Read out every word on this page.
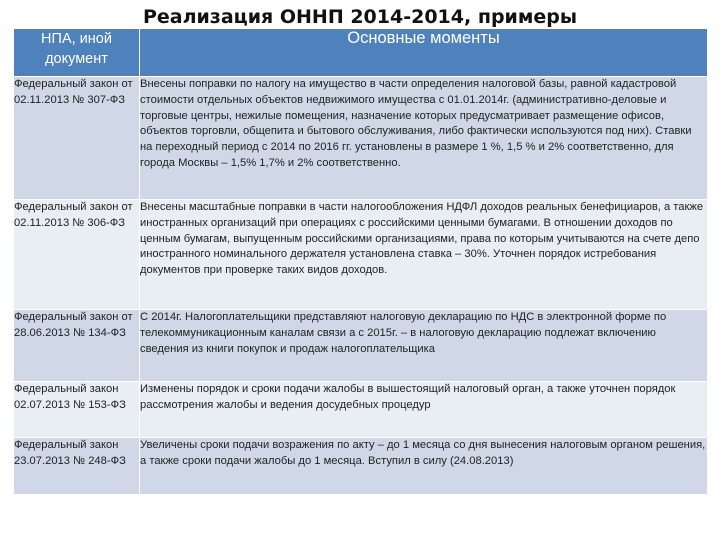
Реализация ОННП 2014-2014, примеры
НПА, иной документ	Основные моменты
Федеральный закон от 02.11.2013 № 307-ФЗ	Внесены поправки по налогу на имущество в части определения налоговой базы, равной кадастровой стоимости отдельных объектов недвижимого имущества с 01.01.2014г. (административно-деловые и торговые центры, нежилые помещения, назначение которых предусматривает размещение офисов, объектов торговли, общепита и бытового обслуживания, либо фактически используются под них). Ставки на переходный период с 2014 по 2016 гг. установлены в размере 1 %, 1,5 % и 2% соответственно, для города Москвы – 1,5% 1,7% и 2% соответственно.
Федеральный закон от 02.11.2013 № 306-ФЗ	Внесены масштабные поправки в части налогообложения НДФЛ доходов реальных бенефициаров, а также иностранных организаций при операциях с российскими ценными бумагами. В отношении доходов по ценным бумагам, выпущенным российскими организациями, права по которым учитываются на счете депо иностранного номинального держателя установлена ставка – 30%. Уточнен порядок истребования документов при проверке таких видов доходов.
Федеральный закон от 28.06.2013 № 134-ФЗ	С 2014г. Налогоплательщики представляют налоговую декларацию по НДС в электронной форме по телекоммуникационным каналам связи а с 2015г. – в налоговую декларацию подлежат включению сведения из книги покупок и продаж налогоплательщика
Федеральный закон 02.07.2013 № 153-ФЗ	Изменены порядок и сроки подачи жалобы в вышестоящий налоговый орган, а также уточнен порядок рассмотрения жалобы и ведения досудебных процедур
Федеральный закон 23.07.2013 № 248-ФЗ	Увеличены сроки подачи возражения по акту – до 1 месяца со дня вынесения налоговым органом решения, а также сроки подачи жалобы до 1 месяца. Вступил в силу (24.08.2013)
